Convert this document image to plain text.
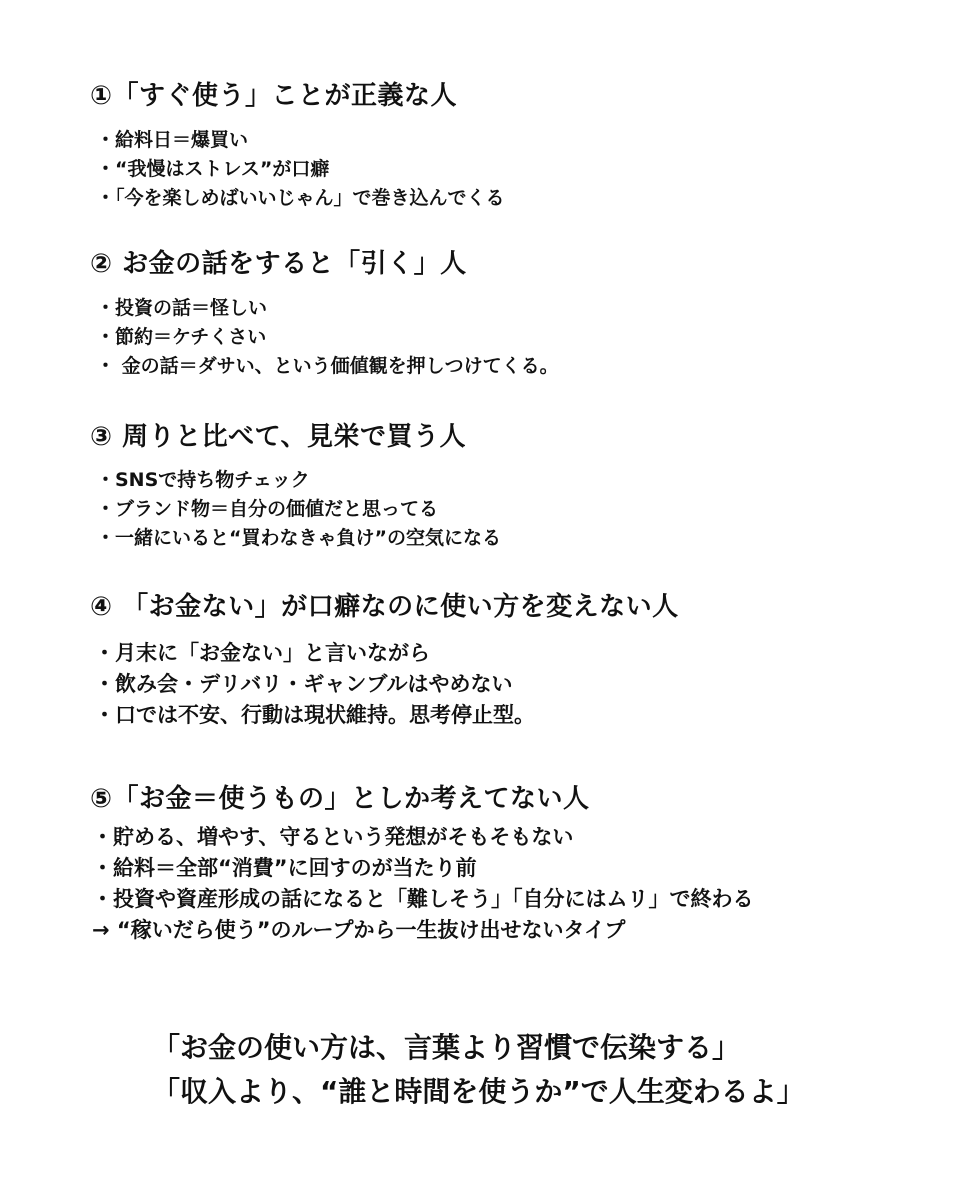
①「すぐ使う」ことが正義な人
・給料日＝爆買い
・“我慢はストレス”が口癖
・「今を楽しめばいいじゃん」で巻き込んでくる
② お金の話をすると「引く」人
・投資の話＝怪しい
・節約＝ケチくさい
・ 金の話＝ダサい、という価値観を押しつけてくる。
③ 周りと比べて、見栄で買う人
・SNSで持ち物チェック
・ブランド物＝自分の価値だと思ってる
・一緒にいると“買わなきゃ負け”の空気になる
④ 「お金ない」が口癖なのに使い方を変えない人
・月末に「お金ない」と言いながら
・飲み会・デリバリ・ギャンブルはやめない
・口では不安、行動は現状維持。思考停止型。
⑤「お金＝使うもの」としか考えてない人
・貯める、増やす、守るという発想がそもそもない
・給料＝全部“消費”に回すのが当たり前
・投資や資産形成の話になると「難しそう」「自分にはムリ」で終わる
→ “稼いだら使う”のループから一生抜け出せないタイプ
「お金の使い方は、言葉より習慣で伝染する」
「収入より、“誰と時間を使うか”で人生変わるよ」
